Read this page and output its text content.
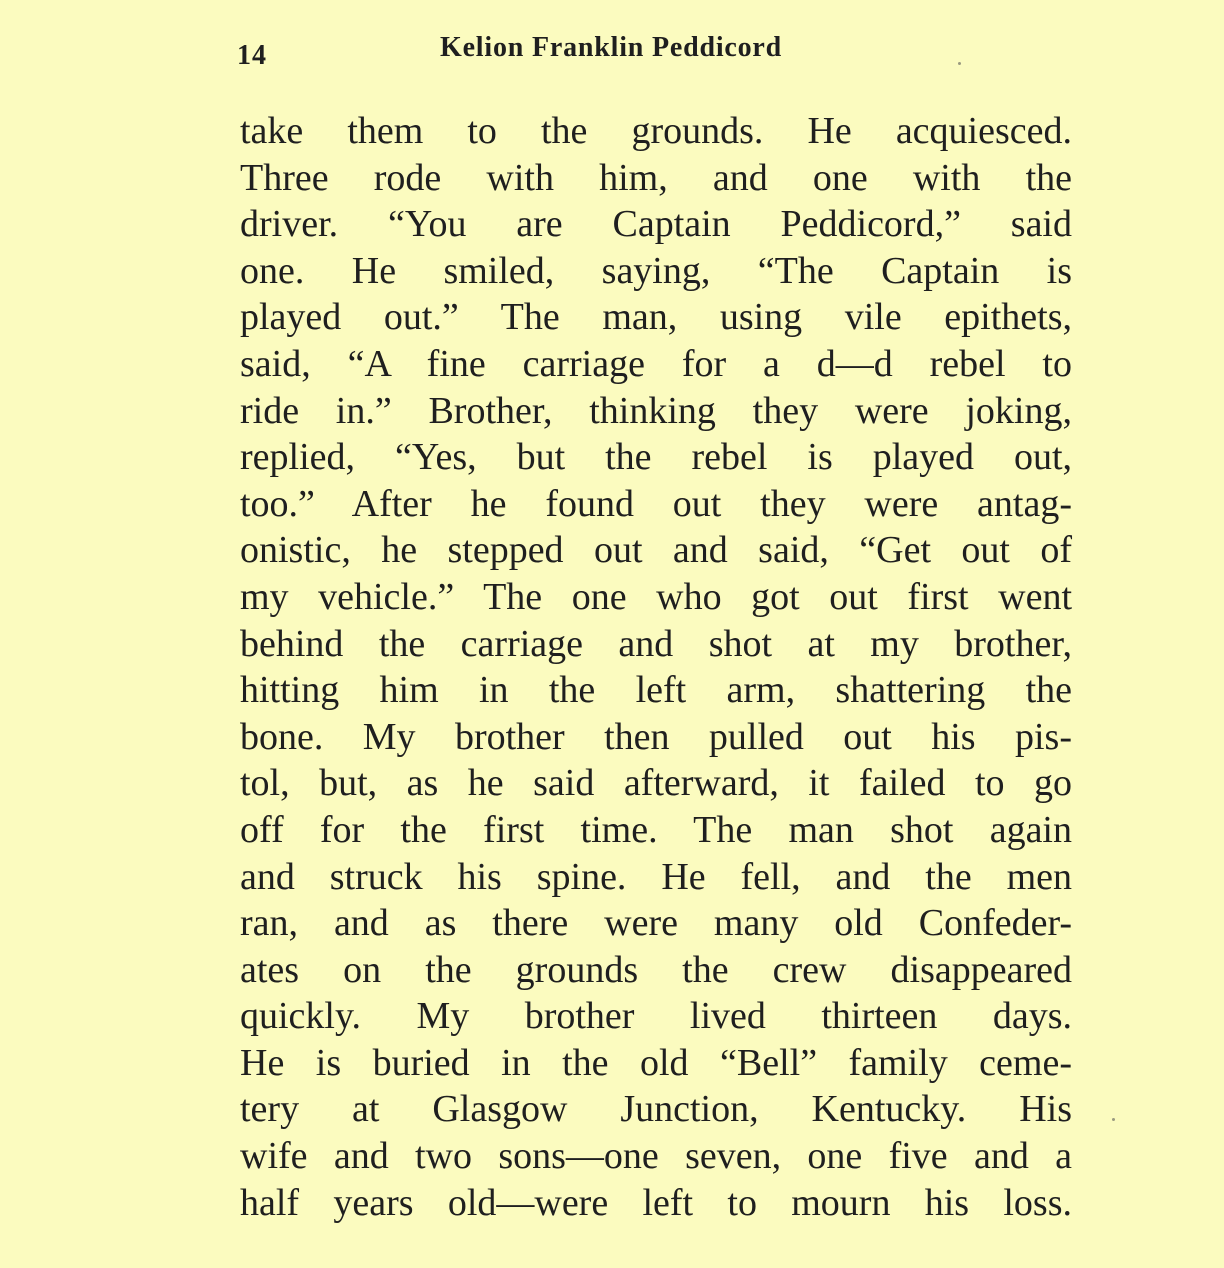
14	Kelion Franklin Peddicord
take them to the grounds. He acquiesced.
Three rode with him, and one with the
driver. “You are Captain Peddicord,” said
one. He smiled, saying, “The Captain is
played out.” The man, using vile epithets,
said, “A fine carriage for a d—d rebel to
ride in.” Brother, thinking they were joking,
replied, “Yes, but the rebel is played out,
too.” After he found out they were antag-
onistic, he stepped out and said, “Get out of
my vehicle.” The one who got out first went
behind the carriage and shot at my brother,
hitting him in the left arm, shattering the
bone. My brother then pulled out his pis-
tol, but, as he said afterward, it failed to go
off for the first time. The man shot again
and struck his spine. He fell, and the men
ran, and as there were many old Confeder-
ates on the grounds the crew disappeared
quickly. My brother lived thirteen days.
He is buried in the old “Bell” family ceme-
tery at Glasgow Junction, Kentucky. His
wife and two sons—one seven, one five and a
half years old—were left to mourn his loss.
